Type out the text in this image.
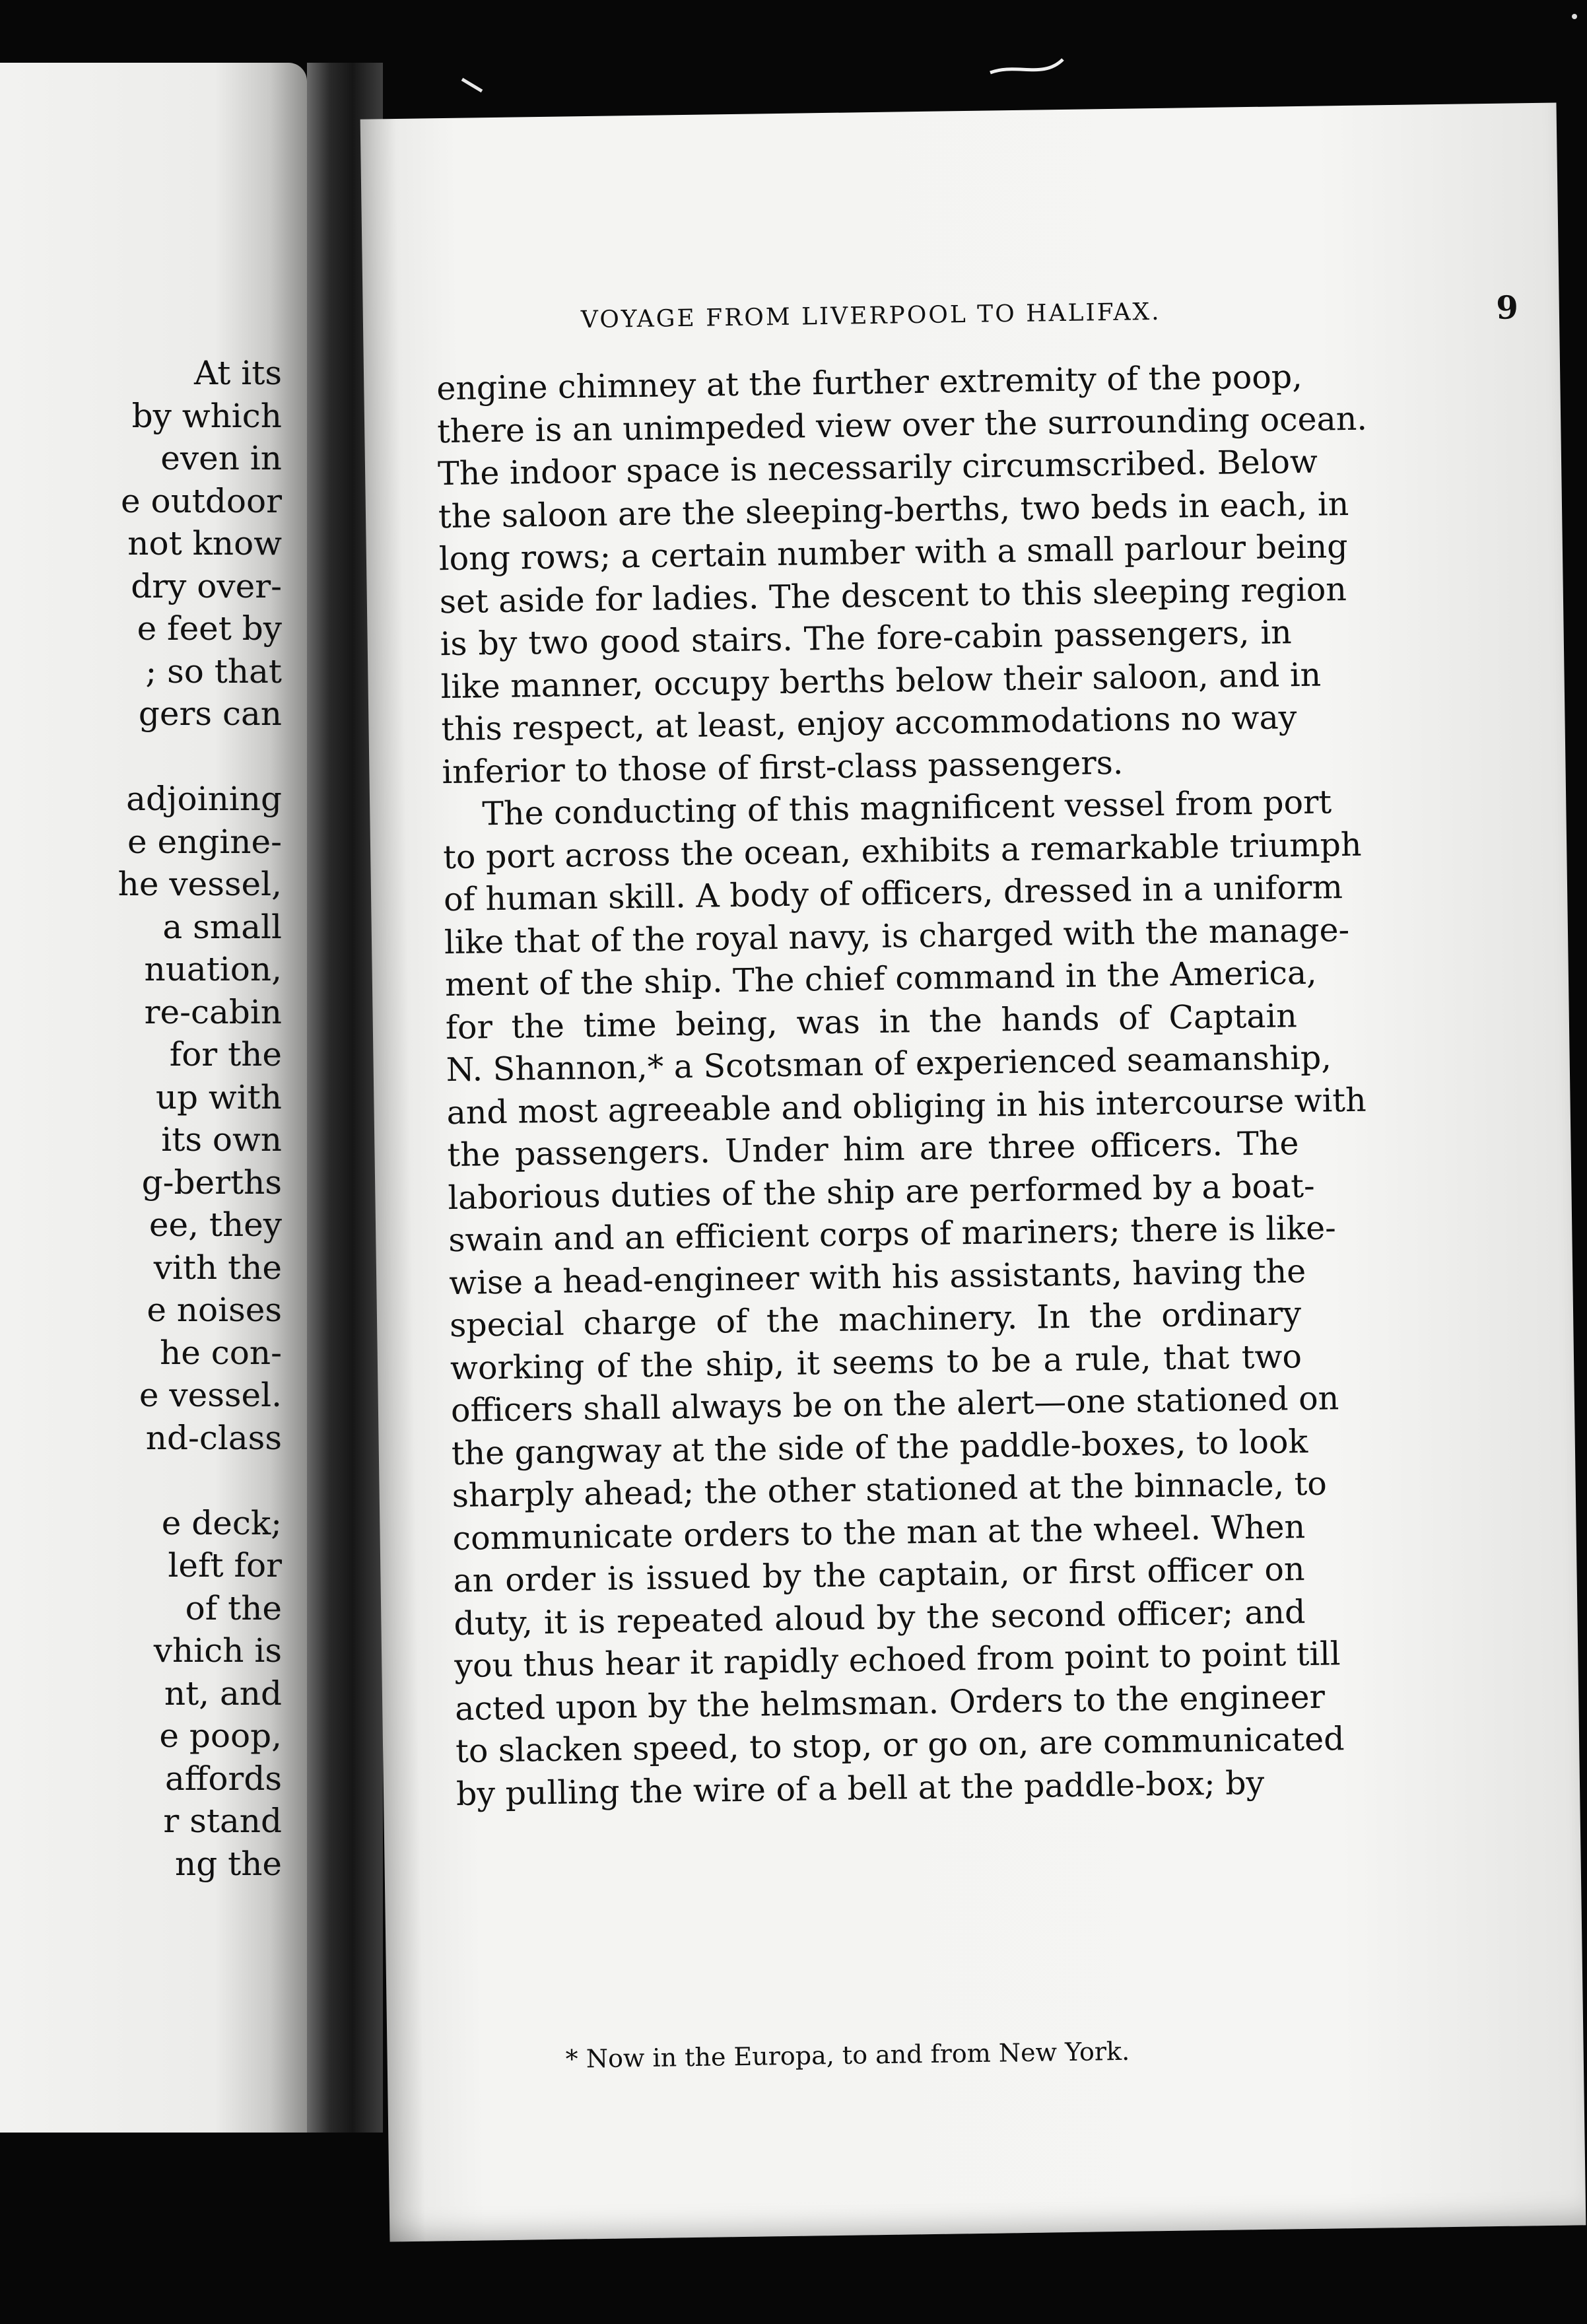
At its
by which
even in
e outdoor
not know
dry over-
e feet by
; so that
gers can
adjoining
e engine-
he vessel,
a small
nuation,
re-cabin
for the
up with
its own
g-berths
ee, they
vith the
e noises
he con-
e vessel.
nd-class
e deck;
left for
of the
vhich is
nt, and
e poop,
affords
r stand
ng the
VOYAGE FROM LIVERPOOL TO HALIFAX.	9
engine chimney at the further extremity of the poop,
there is an unimpeded view over the surrounding ocean.
The indoor space is necessarily circumscribed. Below
the saloon are the sleeping-berths, two beds in each, in
long rows; a certain number with a small parlour being
set aside for ladies. The descent to this sleeping region
is by two good stairs. The fore-cabin passengers, in
like manner, occupy berths below their saloon, and in
this respect, at least, enjoy accommodations no way
inferior to those of first-class passengers.
The conducting of this magnificent vessel from port
to port across the ocean, exhibits a remarkable triumph
of human skill. A body of officers, dressed in a uniform
like that of the royal navy, is charged with the manage-
ment of the ship. The chief command in the America,
for the time being, was in the hands of Captain
N. Shannon,* a Scotsman of experienced seamanship,
and most agreeable and obliging in his intercourse with
the passengers. Under him are three officers. The
laborious duties of the ship are performed by a boat-
swain and an efficient corps of mariners; there is like-
wise a head-engineer with his assistants, having the
special charge of the machinery. In the ordinary
working of the ship, it seems to be a rule, that two
officers shall always be on the alert—one stationed on
the gangway at the side of the paddle-boxes, to look
sharply ahead; the other stationed at the binnacle, to
communicate orders to the man at the wheel. When
an order is issued by the captain, or first officer on
duty, it is repeated aloud by the second officer; and
you thus hear it rapidly echoed from point to point till
acted upon by the helmsman. Orders to the engineer
to slacken speed, to stop, or go on, are communicated
by pulling the wire of a bell at the paddle-box; by
* Now in the Europa, to and from New York.
